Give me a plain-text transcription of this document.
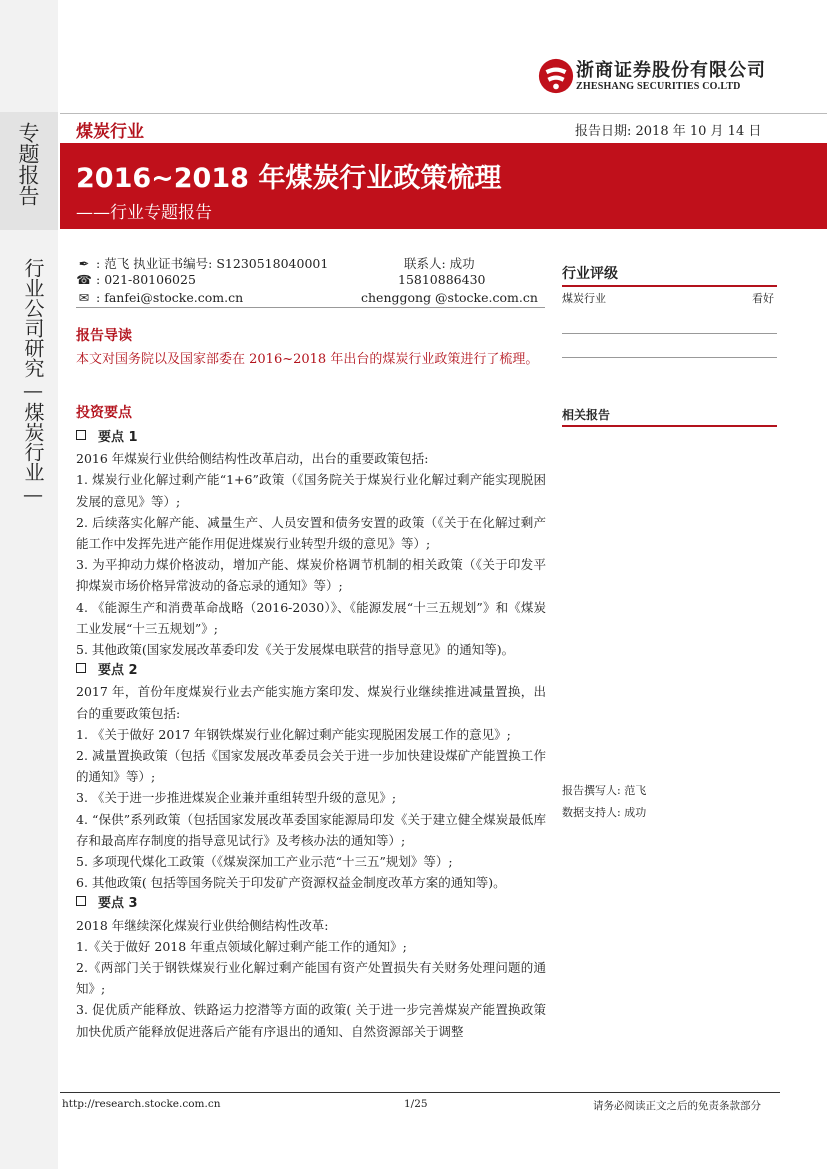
专题报告
行业公司研究—煤炭行业—
浙商证券股份有限公司
ZHESHANG SECURITIES CO.LTD
煤炭行业	报告日期: 2018 年 10 月 14 日
2016~2018 年煤炭行业政策梳理
——行业专题报告
✒ : 范飞 执业证书编号: S1230518040001	联系人: 成功
☎ : 021-80106025	15810886430
✉ : fanfei@stocke.com.cn	chenggong @stocke.com.cn
报告导读
本文对国务院以及国家部委在 2016~2018 年出台的煤炭行业政策进行了梳理。
投资要点
要点 1

2016 年煤炭行业供给侧结构性改革启动，出台的重要政策包括:

1. 煤炭行业化解过剩产能“1+6”政策（《国务院关于煤炭行业化解过剩产能实现脱困发展的意见》等）;

2. 后续落实化解产能、减量生产、人员安置和债务安置的政策（《关于在化解过剩产能工作中发挥先进产能作用促进煤炭行业转型升级的意见》等）;

3. 为平抑动力煤价格波动，增加产能、煤炭价格调节机制的相关政策（《关于印发平抑煤炭市场价格异常波动的备忘录的通知》等）;

4. 《能源生产和消费革命战略（2016-2030）》、《能源发展“十三五规划”》和《煤炭工业发展“十三五规划”》;

5. 其他政策(国家发展改革委印发《关于发展煤电联营的指导意见》的通知等)。

要点 2

2017 年，首份年度煤炭行业去产能实施方案印发、煤炭行业继续推进减量置换，出台的重要政策包括:

1. 《关于做好 2017 年钢铁煤炭行业化解过剩产能实现脱困发展工作的意见》;

2. 减量置换政策（包括《国家发展改革委员会关于进一步加快建设煤矿产能置换工作的通知》等）;

3. 《关于进一步推进煤炭企业兼并重组转型升级的意见》;

4. “保供”系列政策（包括国家发展改革委国家能源局印发《关于建立健全煤炭最低库存和最高库存制度的指导意见试行》及考核办法的通知等）;

5. 多项现代煤化工政策（《煤炭深加工产业示范“十三五”规划》等）;

6. 其他政策( 包括等国务院关于印发矿产资源权益金制度改革方案的通知等)。

要点 3

2018 年继续深化煤炭行业供给侧结构性改革:

1.《关于做好 2018 年重点领域化解过剩产能工作的通知》;

2.《两部门关于钢铁煤炭行业化解过剩产能国有资产处置损失有关财务处理问题的通知》;

3. 促优质产能释放、铁路运力挖潜等方面的政策( 关于进一步完善煤炭产能置换政策加快优质产能释放促进落后产能有序退出的通知、自然资源部关于调整

行业评级
煤炭行业	看好
相关报告
报告撰写人: 范飞
数据支持人: 成功
http://research.stocke.com.cn	1/25	请务必阅读正文之后的免责条款部分
